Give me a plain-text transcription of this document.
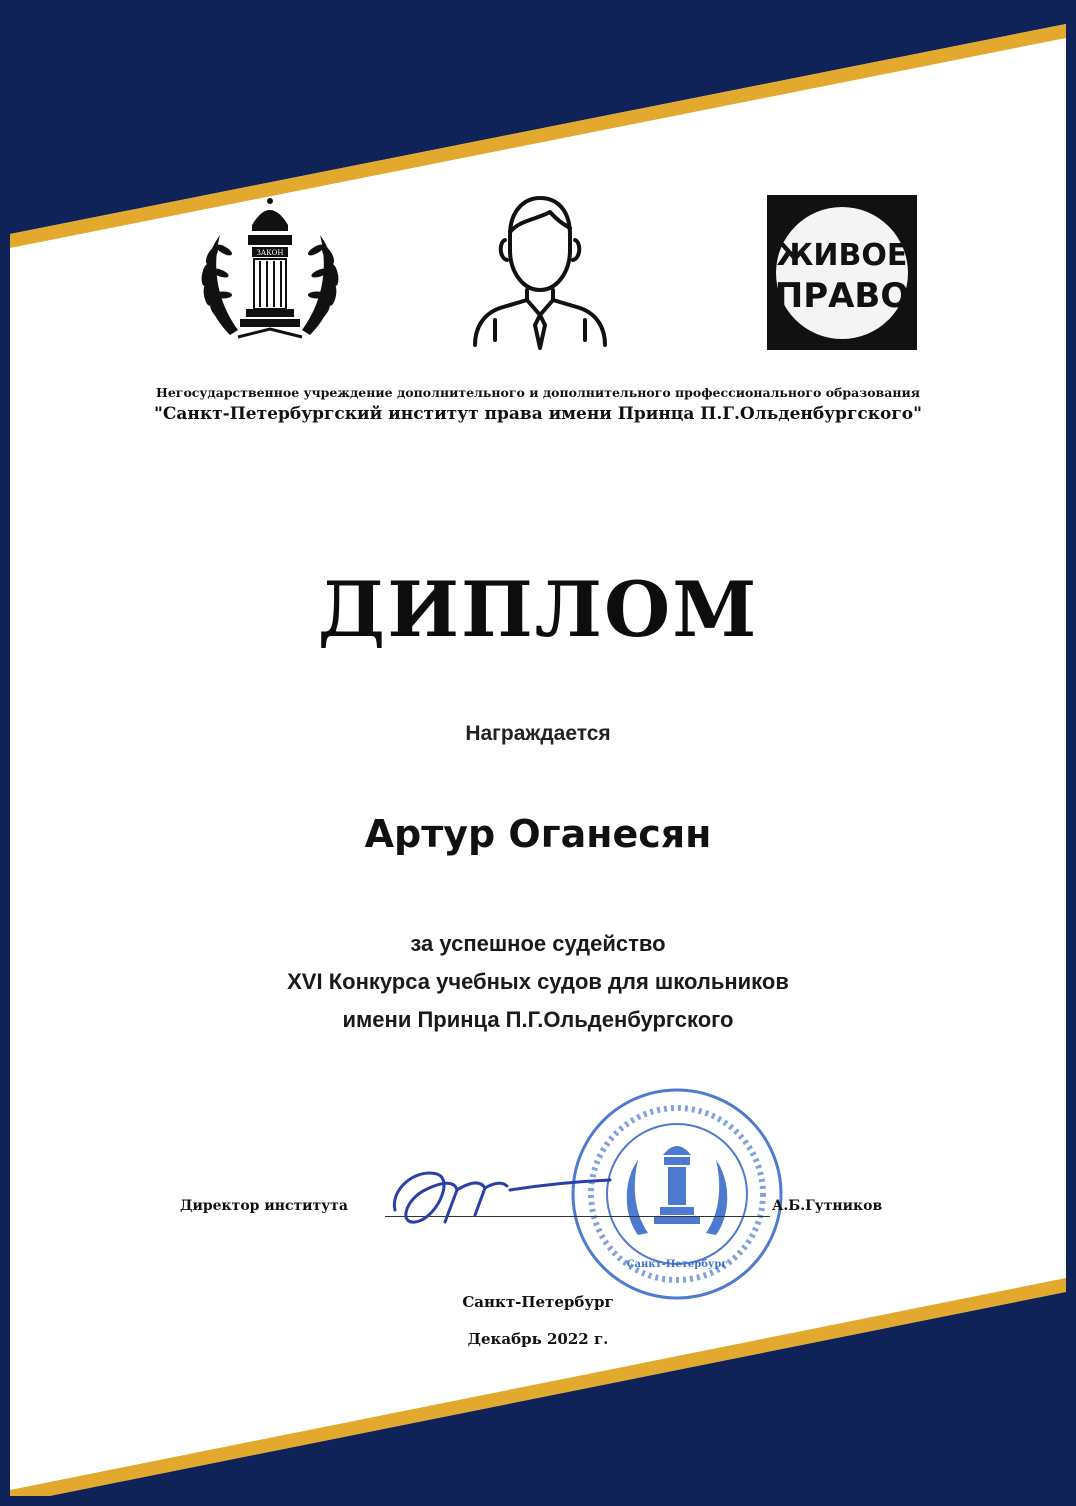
ЗАКОН	ЖИВОЕ
ПРАВО
Негосударственное учреждение дополнительного и дополнительного профессионального образования
"Санкт-Петербургский институт права имени Принца П.Г.Ольденбургского"
ДИПЛОМ
Награждается
Артур Оганесян
за успешное судейство
XVI Конкурса учебных судов для школьников
имени Принца П.Г.Ольденбургского
Санкт-Петербург
Директор института	А.Б.Гутников
Санкт-Петербург
Декабрь 2022 г.
